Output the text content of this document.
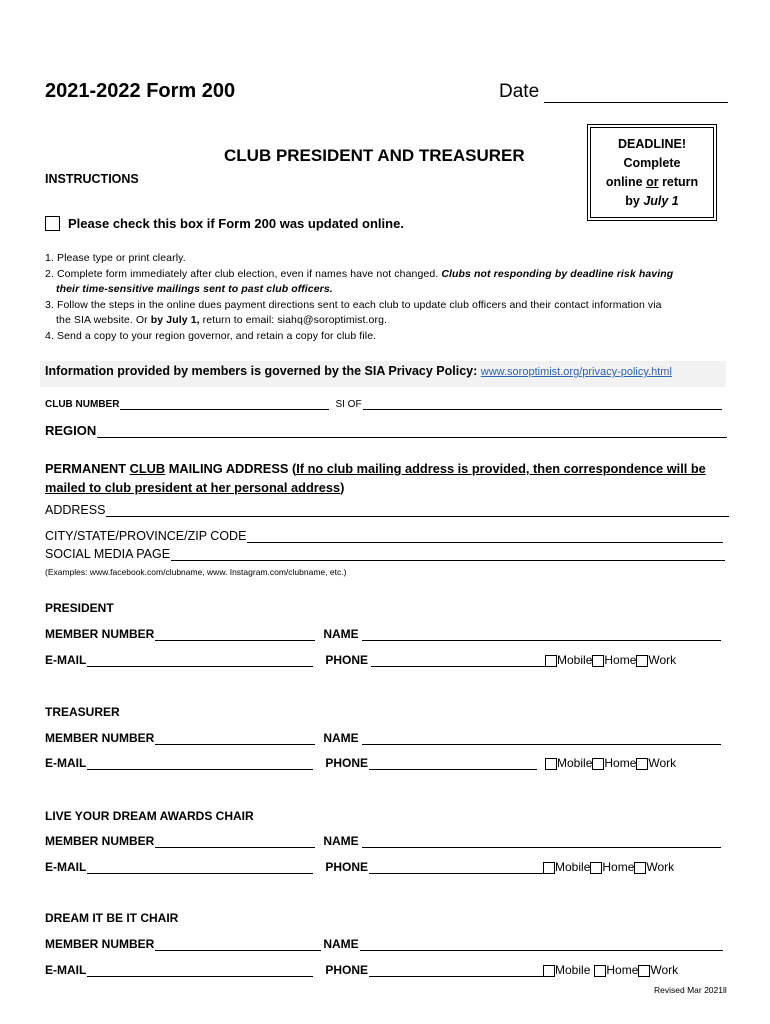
2021-2022 Form 200	Date
CLUB PRESIDENT AND TREASURER
INSTRUCTIONS
DEADLINE!
Complete
online or return
by July 1
Please check this box if Form 200 was updated online.
1. Please type or print clearly.
2. Complete form immediately after club election, even if names have not changed. Clubs not responding by deadline risk having
their time-sensitive mailings sent to past club officers.
3. Follow the steps in the online dues payment directions sent to each club to update club officers and their contact information via
the SIA website. Or by July 1, return to email: siahq@soroptimist.org.
4. Send a copy to your region governor, and retain a copy for club file.
Information provided by members is governed by the SIA Privacy Policy: www.soroptimist.org/privacy-policy.html
CLUB NUMBER	SI OF
REGION
PERMANENT CLUB MAILING ADDRESS (If no club mailing address is provided, then correspondence will be
mailed to club president at her personal address)
ADDRESS
CITY/STATE/PROVINCE/ZIP CODE
SOCIAL MEDIA PAGE
(Examples: www.facebook.com/clubname, www. Instagram.com/clubname, etc.)
PRESIDENT
MEMBER NUMBER	NAME
E-MAIL	PHONE	Mobile Home Work
TREASURER
MEMBER NUMBER	NAME
E-MAIL	PHONE	Mobile Home Work
LIVE YOUR DREAM AWARDS CHAIR
MEMBER NUMBER	NAME
E-MAIL	PHONE	Mobile Home Work
DREAM IT BE IT CHAIR
MEMBER NUMBER	NAME
E-MAIL	PHONE	Mobile Home Work
Revised Mar 2021ll
